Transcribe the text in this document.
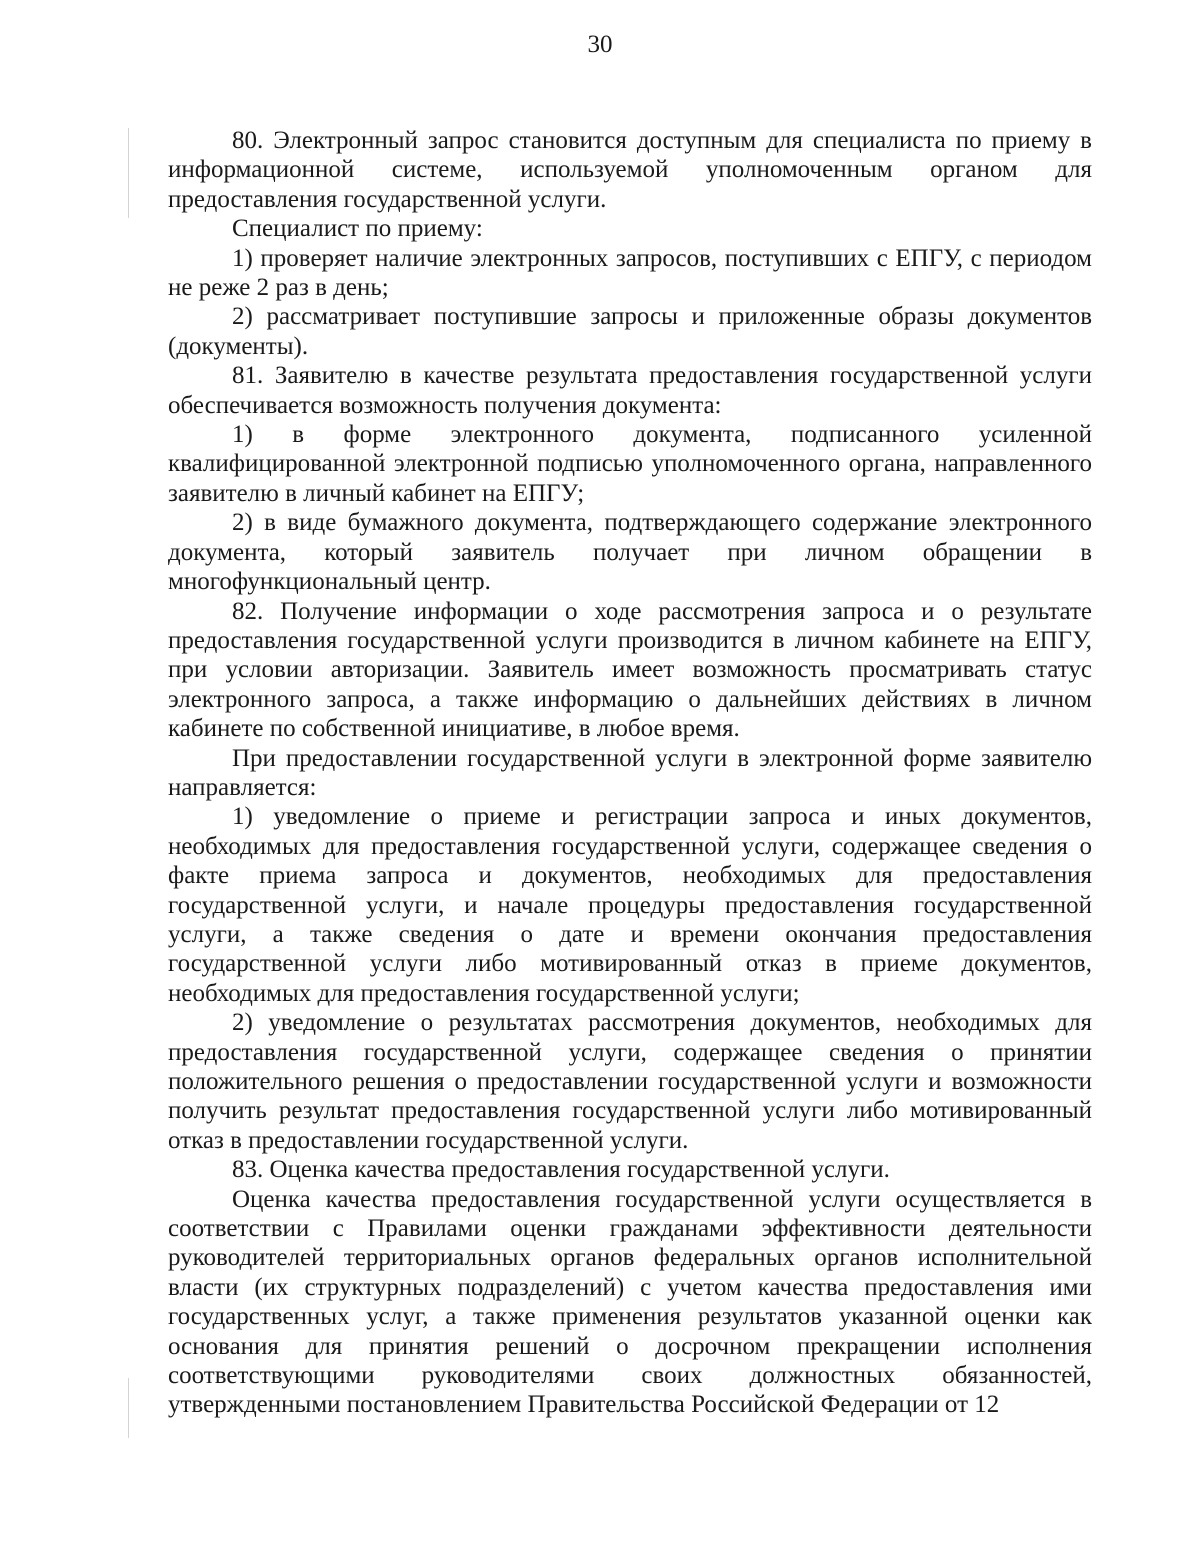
30

80. Электронный запрос становится доступным для специалиста по приему в информационной системе, используемой уполномоченным органом для предоставления государственной услуги.

Специалист по приему:

1) проверяет наличие электронных запросов, поступивших с ЕПГУ, с периодом не реже 2 раз в день;

2) рассматривает поступившие запросы и приложенные образы документов (документы).

81. Заявителю в качестве результата предоставления государственной услуги обеспечивается возможность получения документа:

1) в форме электронного документа, подписанного усиленной квалифицированной электронной подписью уполномоченного органа, направленного заявителю в личный кабинет на ЕПГУ;

2) в виде бумажного документа, подтверждающего содержание электронного документа, который заявитель получает при личном обращении в многофункциональный центр.

82. Получение информации о ходе рассмотрения запроса и о результате предоставления государственной услуги производится в личном кабинете на ЕПГУ, при условии авторизации. Заявитель имеет возможность просматривать статус электронного запроса, а также информацию о дальнейших действиях в личном кабинете по собственной инициативе, в любое время.

При предоставлении государственной услуги в электронной форме заявителю направляется:

1) уведомление о приеме и регистрации запроса и иных документов, необходимых для предоставления государственной услуги, содержащее сведения о факте приема запроса и документов, необходимых для предоставления государственной услуги, и начале процедуры предоставления государственной услуги, а также сведения о дате и времени окончания предоставления государственной услуги либо мотивированный отказ в приеме документов, необходимых для предоставления государственной услуги;

2) уведомление о результатах рассмотрения документов, необходимых для предоставления государственной услуги, содержащее сведения о принятии положительного решения о предоставлении государственной услуги и возможности получить результат предоставления государственной услуги либо мотивированный отказ в предоставлении государственной услуги.

83. Оценка качества предоставления государственной услуги.

Оценка качества предоставления государственной услуги осуществляется в соответствии с Правилами оценки гражданами эффективности деятельности руководителей территориальных органов федеральных органов исполнительной власти (их структурных подразделений) с учетом качества предоставления ими государственных услуг, а также применения результатов указанной оценки как основания для принятия решений о досрочном прекращении исполнения соответствующими руководителями своих должностных обязанностей, утвержденными постановлением Правительства Российской Федерации от 12
